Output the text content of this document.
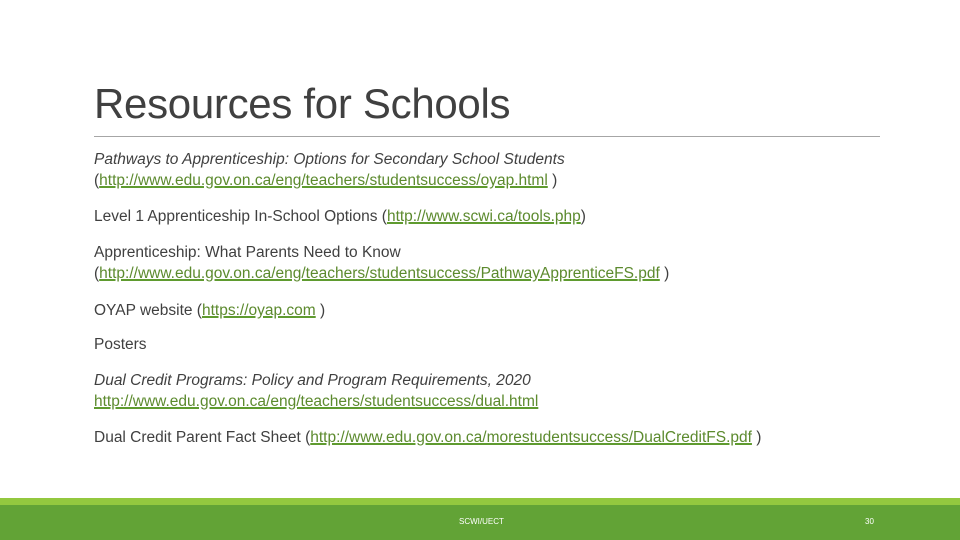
Resources for Schools
Pathways to Apprenticeship: Options for Secondary School Students
(http://www.edu.gov.on.ca/eng/teachers/studentsuccess/oyap.html )
Level 1 Apprenticeship In-School Options (http://www.scwi.ca/tools.php)
Apprenticeship: What Parents Need to Know
(http://www.edu.gov.on.ca/eng/teachers/studentsuccess/PathwayApprenticeFS.pdf )
OYAP website (https://oyap.com )
Posters
Dual Credit Programs: Policy and Program Requirements, 2020
http://www.edu.gov.on.ca/eng/teachers/studentsuccess/dual.html
Dual Credit Parent Fact Sheet (http://www.edu.gov.on.ca/morestudentsuccess/DualCreditFS.pdf )
SCWI/UECT	30
